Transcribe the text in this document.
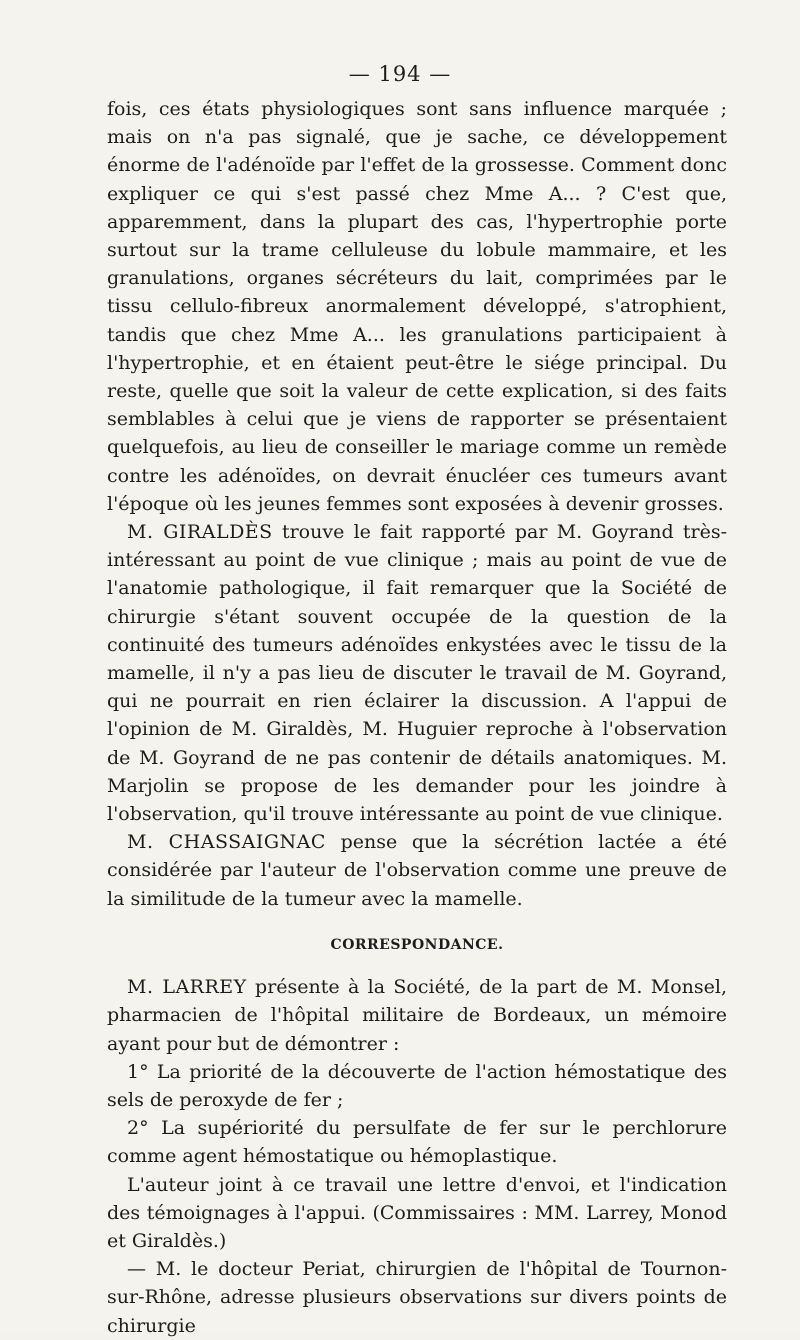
— 194 —

fois, ces états physiologiques sont sans influence marquée ; mais on n'a pas signalé, que je sache, ce développement énorme de l'adénoïde par l'effet de la grossesse. Comment donc expliquer ce qui s'est passé chez Mme A... ? C'est que, apparemment, dans la plupart des cas, l'hypertrophie porte surtout sur la trame celluleuse du lobule mammaire, et les granulations, organes sécréteurs du lait, comprimées par le tissu cellulo-fibreux anormalement développé, s'atrophient, tandis que chez Mme A... les granulations participaient à l'hypertrophie, et en étaient peut-être le siége principal. Du reste, quelle que soit la valeur de cette explication, si des faits semblables à celui que je viens de rapporter se présentaient quelquefois, au lieu de conseiller le mariage comme un remède contre les adénoïdes, on devrait énucléer ces tumeurs avant l'époque où les jeunes femmes sont exposées à devenir grosses.

M. GIRALDÈS trouve le fait rapporté par M. Goyrand très-intéressant au point de vue clinique ; mais au point de vue de l'anatomie pathologique, il fait remarquer que la Société de chirurgie s'étant souvent occupée de la question de la continuité des tumeurs adénoïdes enkystées avec le tissu de la mamelle, il n'y a pas lieu de discuter le travail de M. Goyrand, qui ne pourrait en rien éclairer la discussion. A l'appui de l'opinion de M. Giraldès, M. Huguier reproche à l'observation de M. Goyrand de ne pas contenir de détails anatomiques. M. Marjolin se propose de les demander pour les joindre à l'observation, qu'il trouve intéressante au point de vue clinique.

M. CHASSAIGNAC pense que la sécrétion lactée a été considérée par l'auteur de l'observation comme une preuve de la similitude de la tumeur avec la mamelle.

CORRESPONDANCE.

M. LARREY présente à la Société, de la part de M. Monsel, pharmacien de l'hôpital militaire de Bordeaux, un mémoire ayant pour but de démontrer :

1° La priorité de la découverte de l'action hémostatique des sels de peroxyde de fer ;

2° La supériorité du persulfate de fer sur le perchlorure comme agent hémostatique ou hémoplastique.

L'auteur joint à ce travail une lettre d'envoi, et l'indication des témoignages à l'appui. (Commissaires : MM. Larrey, Monod et Giraldès.)

— M. le docteur Periat, chirurgien de l'hôpital de Tournon-sur-Rhône, adresse plusieurs observations sur divers points de chirurgie
